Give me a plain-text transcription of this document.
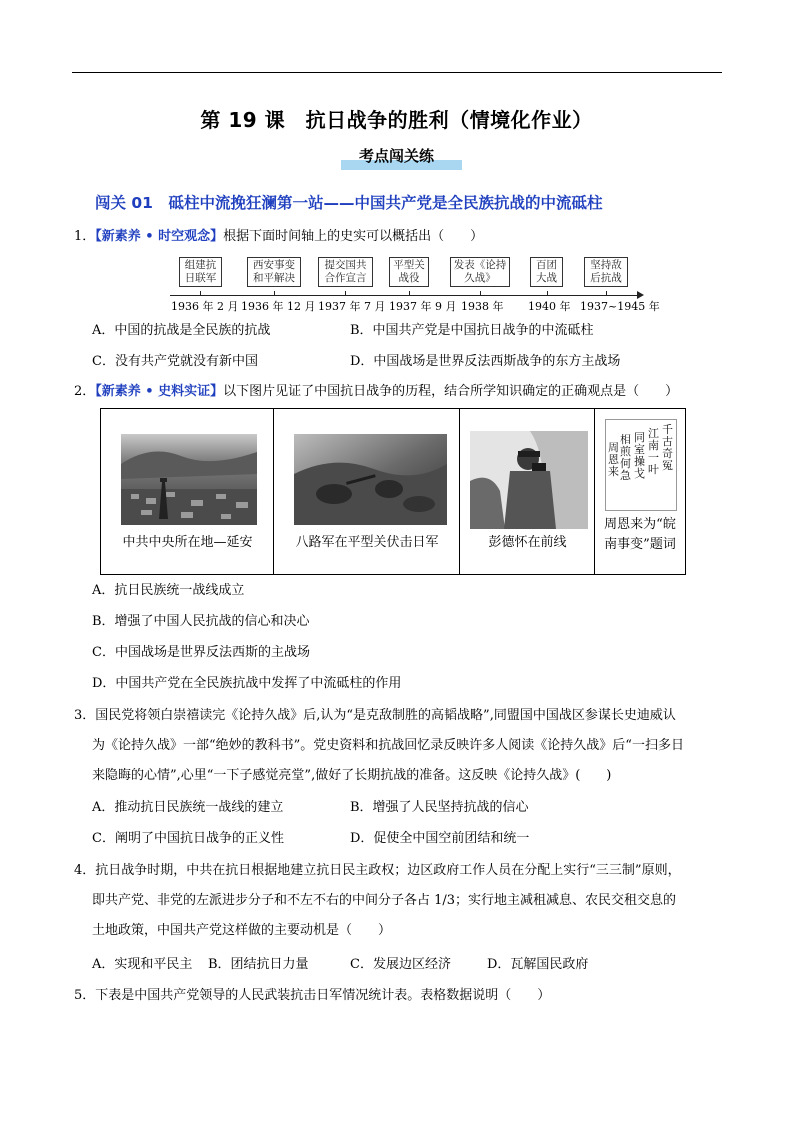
第 19 课　抗日战争的胜利（情境化作业）
考点闯关练
闯关 01　砥柱中流挽狂澜第一站——中国共产党是全民族抗战的中流砥柱
1．【新素养 • 时空观念】根据下面时间轴上的史实可以概括出（　　）
组建抗
日联军
西安事变
和平解决
提交国共
合作宣言
平型关
战役
发表《论持
久战》
百团
大战
坚持敌
后抗战
1936 年 2 月 1936 年 12 月 1937 年 7 月 1937 年 9 月 1938 年 1940 年 1937~1945 年
A．中国的抗战是全民族的抗战	B．中国共产党是中国抗日战争的中流砥柱
C．没有共产党就没有新中国	D．中国战场是世界反法西斯战争的东方主战场
2．【新素养 • 史料实证】以下图片见证了中国抗日战争的历程，结合所学知识确定的正确观点是（　　）
中共中央所在地—延安	八路军在平型关伏击日军	彭德怀在前线
千
古
奇
冤
江
南
一
叶
同
室
操
戈
相
煎
何
急
周
恩
来
周恩来为“皖
南事变”题词
A．抗日民族统一战线成立
B．增强了中国人民抗战的信心和决心
C．中国战场是世界反法西斯的主战场
D．中国共产党在全民族抗战中发挥了中流砥柱的作用
3．国民党将领白崇禧读完《论持久战》后,认为“是克敌制胜的高韬战略”,同盟国中国战区参谋长史迪威认
为《论持久战》一部“绝妙的教科书”。党史资料和抗战回忆录反映许多人阅读《论持久战》后“一扫多日
来隐晦的心情”,心里“一下子感觉亮堂”,做好了长期抗战的准备。这反映《论持久战》(　　)
A．推动抗日民族统一战线的建立	B．增强了人民坚持抗战的信心
C．阐明了中国抗日战争的正义性	D．促使全中国空前团结和统一
4．抗日战争时期，中共在抗日根据地建立抗日民主政权；边区政府工作人员在分配上实行“三三制”原则，
即共产党、非党的左派进步分子和不左不右的中间分子各占 1/3；实行地主减租减息、农民交租交息的
土地政策，中国共产党这样做的主要动机是（　　）
A．实现和平民主 B．团结抗日力量	C．发展边区经济	D．瓦解国民政府
5．下表是中国共产党领导的人民武装抗击日军情况统计表。表格数据说明（　　）
